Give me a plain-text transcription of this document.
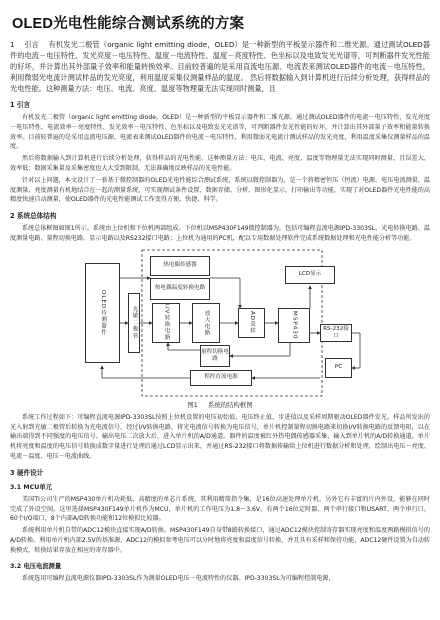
OLED光电性能综合测试系统的方案

1 引言 有机发光二极管（organic light emitting diode，OLED）是一种新型的平板显示器件和二维光源。通过测试OLED器件的电流－电压特性、发光亮度－电压特性、温度－电流特性、温度－亮度特性、色坐标以及电致发光光谱等，可判断器件发光性能的好坏，并计算出其外部量子效率和能量转换效率。目前较普遍的是采用直流电压源、电流表来测试OLED器件的电流－电压特性，利用微弱光电流计测试样品的发光亮度，利用温度采集仪测量样品的温度。 然后将数据输入到计算机进行后续分析处理，获得样品的光电性能。这种测量方法：电压、电流、亮度、温度等物理量无法实现同时测量，且

1 引言

有机发光二极管（organic light emitting diode，OLED）是一种新型的平板显示器件和二维光源。通过测试OLED器件的电流－电压特性、发光亮度－电压特性、电流效率－亮度特性、发光效率－电压特性、色坐标以及电致发光光谱等，可判断器件发光性能的好坏，并计算出其外部量子效率和能量转换效率。目前较普遍的是采用直流电压源、电流表来测试OLED器件的电流－电压特性，利用微弱光电流计测试样品的发光亮度，利用温度采集仪测量样品的温度。

然后将数据输入到计算机进行后续分析处理，获得样品的光电性能。这种测量方法：电压、电流、亮度、温度等物理量无法实现同时测量，且误差大，效率低；数据采集量及采集密度也大大受到限制，无法准确地反映样品的光电性能。

针对以上问题，本文设计了一套基于微控制器的OLED光电性能综合测试系统，系统以微控制器为，是一个将精密恒压（恒流）电源、电压电流测量、温度测量、亮度测量有机地结合在一起的测量系统，可实现测试条件设置、数据存储、分析、图形化显示，打印输出等功能，实现了对OLED器件光电性能的高精度快速自动测量，使OLED器件的光电性能测试工作变得方便、快捷、科学。

2 系统总体结构

系统总体框图如图1所示。系统由上位机和下位机两部组成。下位机以MSP430F149微控制器为，包括可编程直流电源IPD-3303SL、光电转换电路、温度测量电路、量程切换电路、显示电路以及RS232接口电路；上位机为通用的PC机，配以专用数据处理软件完成系统数据处理和光电性能分析等功能。

OLED待测器件	光敏二极管
热电偶传感器
热电偶温度转换电路
I/V转换电路	放大电路	AD采样	MSP430
LCD显示
RS-232接口
PC
量程切换电路
程控直流电源
图1 系统的结构框图

系统工作过程如下：可编程直流电源IPD-3303SL按照上位机设置的电压初始值、电压终止值、步进值以及采样周期驱动OLED器件发光。样品所发出的光入射到光敏二极管后转换为光电流信号，经过I/V转换电路，将光电流信号转换为电压信号，单片机控制量程切换电路来切换I/V转换电路的反馈电阻，以在输出端得到不同强度的电压信号。输出电压二次放大后，进入单片机的A/D通道。器件的温度被红外热电偶传感器采集，输入到单片机的A/D转换通道，单片机将亮度和温度的电压信号转换成数字量进行处理后通过LCD显示出来，并通过RS-232接口将数据传输给上位机进行数据分析和处理，绘制出电压－亮度、电流－温度、电压－电流曲线。

3 硬件设计
3.1 MCU单元

美国TI公司生产的MSP430单片机功耗低、高精度的单芯片系统，其利用精简指令集，是16位高速处理单片机。另外它有丰富的片内外设，能够在同时完成了外设空间。这里选择MSP430F149单片机作为MCU，单片机的工作电压为1.8～3.6V，有两个16位定时器、两个串行接口和USART、两个串行口，60个I/O端口，8个内部A/D转换功能和12位模拟比较器。

系统利用单片机自带的ADC12模块直接实现A/D转换。MSP430F149自身带8路转换接口，通过ADC12模块控制寄存器实现亮度和温度两路模拟信号的A/D转换。利用单片机内部2.5V的基准源，ADC12的模拟参考电压可以分时地将亮度和温度信号转换，并且具有采样和保持功能，ADC12硬件设置为自动转换模式，转换结果存放在相应的寄存器中。

3.2 电压电流测量

系统选用可编程直流电源仪器IPD-3303SL作为测量OLED电压－电流特性的仪器。IPD-3303SL为可编程控制电源，
